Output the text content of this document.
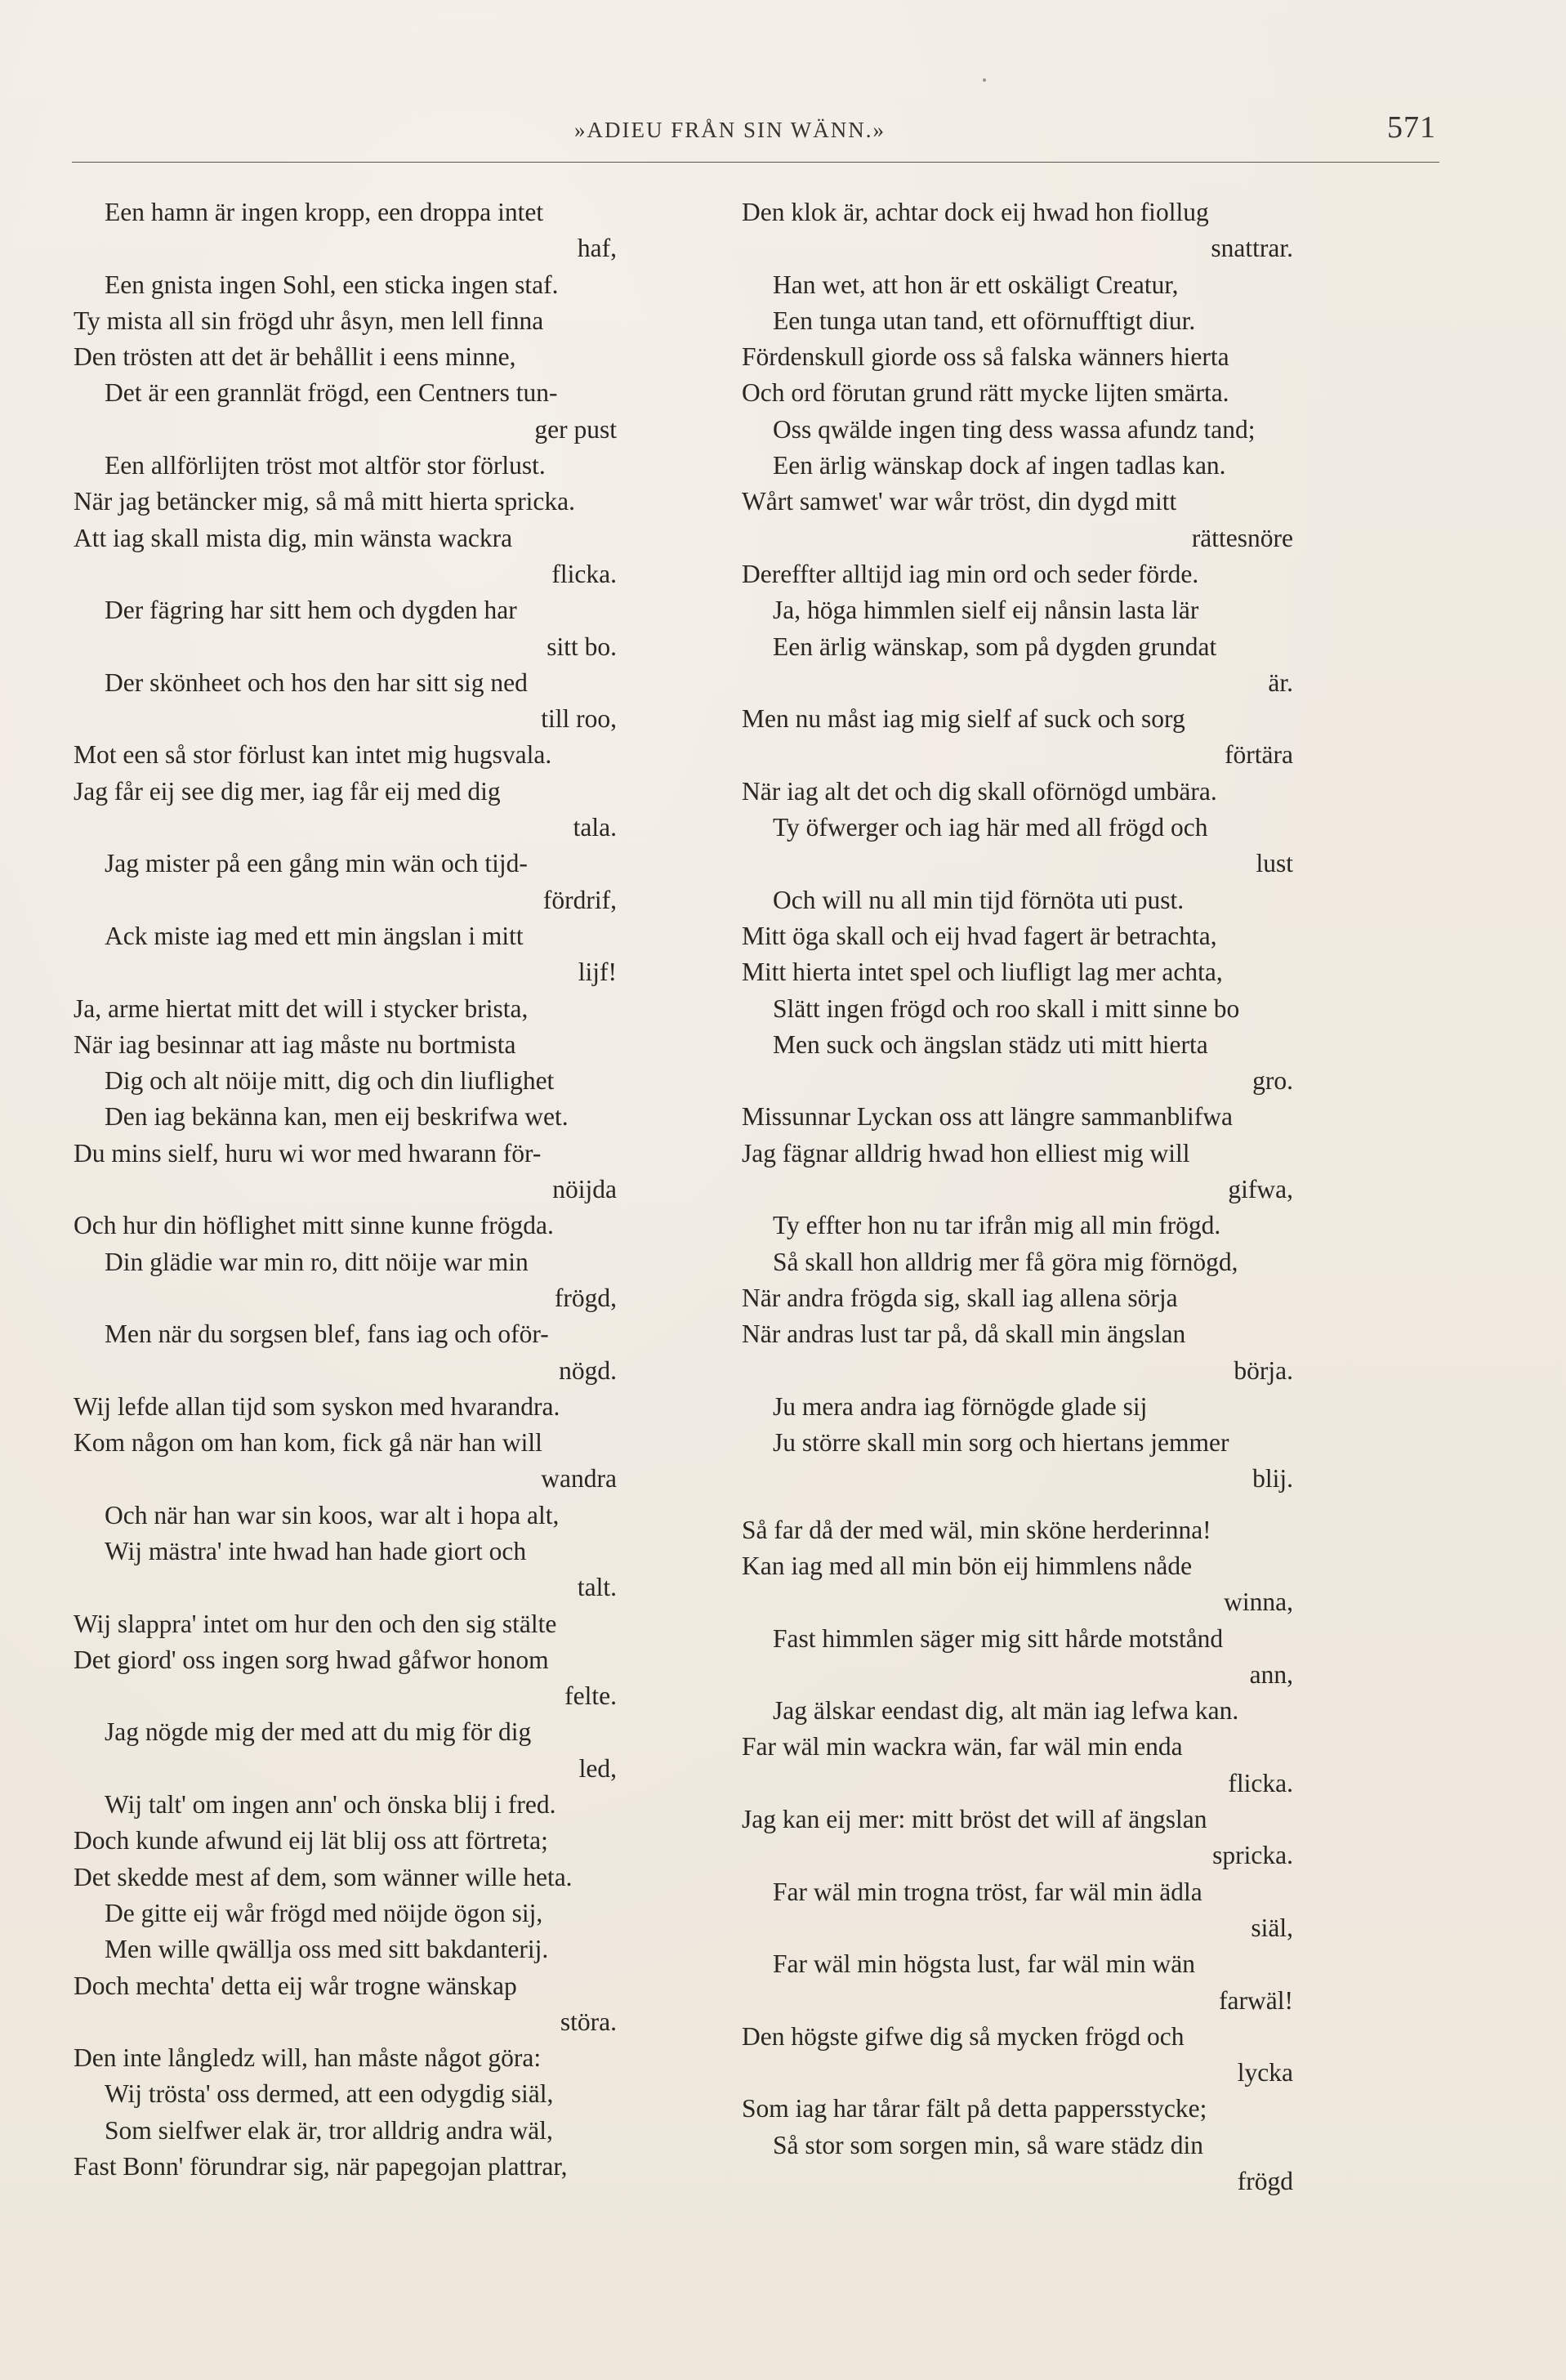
»ADIEU FRÅN SIN WÄNN.»	571

Een hamn är ingen kropp, een droppa intet

haf,

Een gnista ingen Sohl, een sticka ingen staf.

Ty mista all sin frögd uhr åsyn, men lell finna

Den trösten att det är behållit i eens minne,

Det är een grannlät frögd, een Centners tun-

ger pust

Een allförlijten tröst mot altför stor förlust.

När jag betäncker mig, så må mitt hierta spricka.

Att iag skall mista dig, min wänsta wackra

flicka.

Der fägring har sitt hem och dygden har

sitt bo.

Der skönheet och hos den har sitt sig ned

till roo,

Mot een så stor förlust kan intet mig hugsvala.

Jag får eij see dig mer, iag får eij med dig

tala.

Jag mister på een gång min wän och tijd-

fördrif,

Ack miste iag med ett min ängslan i mitt

lijf!

Ja, arme hiertat mitt det will i stycker brista,

När iag besinnar att iag måste nu bortmista

Dig och alt nöije mitt, dig och din liuflighet

Den iag bekänna kan, men eij beskrifwa wet.

Du mins sielf, huru wi wor med hwarann för-

nöijda

Och hur din höflighet mitt sinne kunne frögda.

Din glädie war min ro, ditt nöije war min

frögd,

Men när du sorgsen blef, fans iag och oför-

nögd.

Wij lefde allan tijd som syskon med hvarandra.

Kom någon om han kom, fick gå när han will

wandra

Och när han war sin koos, war alt i hopa alt,

Wij mästra' inte hwad han hade giort och

talt.

Wij slappra' intet om hur den och den sig stälte

Det giord' oss ingen sorg hwad gåfwor honom

felte.

Jag nögde mig der med att du mig för dig

led,

Wij talt' om ingen ann' och önska blij i fred.

Doch kunde afwund eij lät blij oss att förtreta;

Det skedde mest af dem, som wänner wille heta.

De gitte eij wår frögd med nöijde ögon sij,

Men wille qwällja oss med sitt bakdanterij.

Doch mechta' detta eij wår trogne wänskap

störa.

Den inte långledz will, han måste något göra:

Wij trösta' oss dermed, att een odygdig siäl,

Som sielfwer elak är, tror alldrig andra wäl,

Fast Bonn' förundrar sig, när papegojan plattrar,

Den klok är, achtar dock eij hwad hon fiollug

snattrar.

Han wet, att hon är ett oskäligt Creatur,

Een tunga utan tand, ett oförnufftigt diur.

Fördenskull giorde oss så falska wänners hierta

Och ord förutan grund rätt mycke lijten smärta.

Oss qwälde ingen ting dess wassa afundz tand;

Een ärlig wänskap dock af ingen tadlas kan.

Wårt samwet' war wår tröst, din dygd mitt

rättesnöre

Dereffter alltijd iag min ord och seder förde.

Ja, höga himmlen sielf eij nånsin lasta lär

Een ärlig wänskap, som på dygden grundat

är.

Men nu måst iag mig sielf af suck och sorg

förtära

När iag alt det och dig skall oförnögd umbära.

Ty öfwerger och iag här med all frögd och

lust

Och will nu all min tijd förnöta uti pust.

Mitt öga skall och eij hvad fagert är betrachta,

Mitt hierta intet spel och liufligt lag mer achta,

Slätt ingen frögd och roo skall i mitt sinne bo

Men suck och ängslan städz uti mitt hierta

gro.

Missunnar Lyckan oss att längre sammanblifwa

Jag fägnar alldrig hwad hon elliest mig will

gifwa,

Ty effter hon nu tar ifrån mig all min frögd.

Så skall hon alldrig mer få göra mig förnögd,

När andra frögda sig, skall iag allena sörja

När andras lust tar på, då skall min ängslan

börja.

Ju mera andra iag förnögde glade sij

Ju större skall min sorg och hiertans jemmer

blij.

Så far då der med wäl, min sköne herderinna!

Kan iag med all min bön eij himmlens nåde

winna,

Fast himmlen säger mig sitt hårde motstånd

ann,

Jag älskar eendast dig, alt män iag lefwa kan.

Far wäl min wackra wän, far wäl min enda

flicka.

Jag kan eij mer: mitt bröst det will af ängslan

spricka.

Far wäl min trogna tröst, far wäl min ädla

siäl,

Far wäl min högsta lust, far wäl min wän

farwäl!

Den högste gifwe dig så mycken frögd och

lycka

Som iag har tårar fält på detta pappersstycke;

Så stor som sorgen min, så ware städz din

frögd
